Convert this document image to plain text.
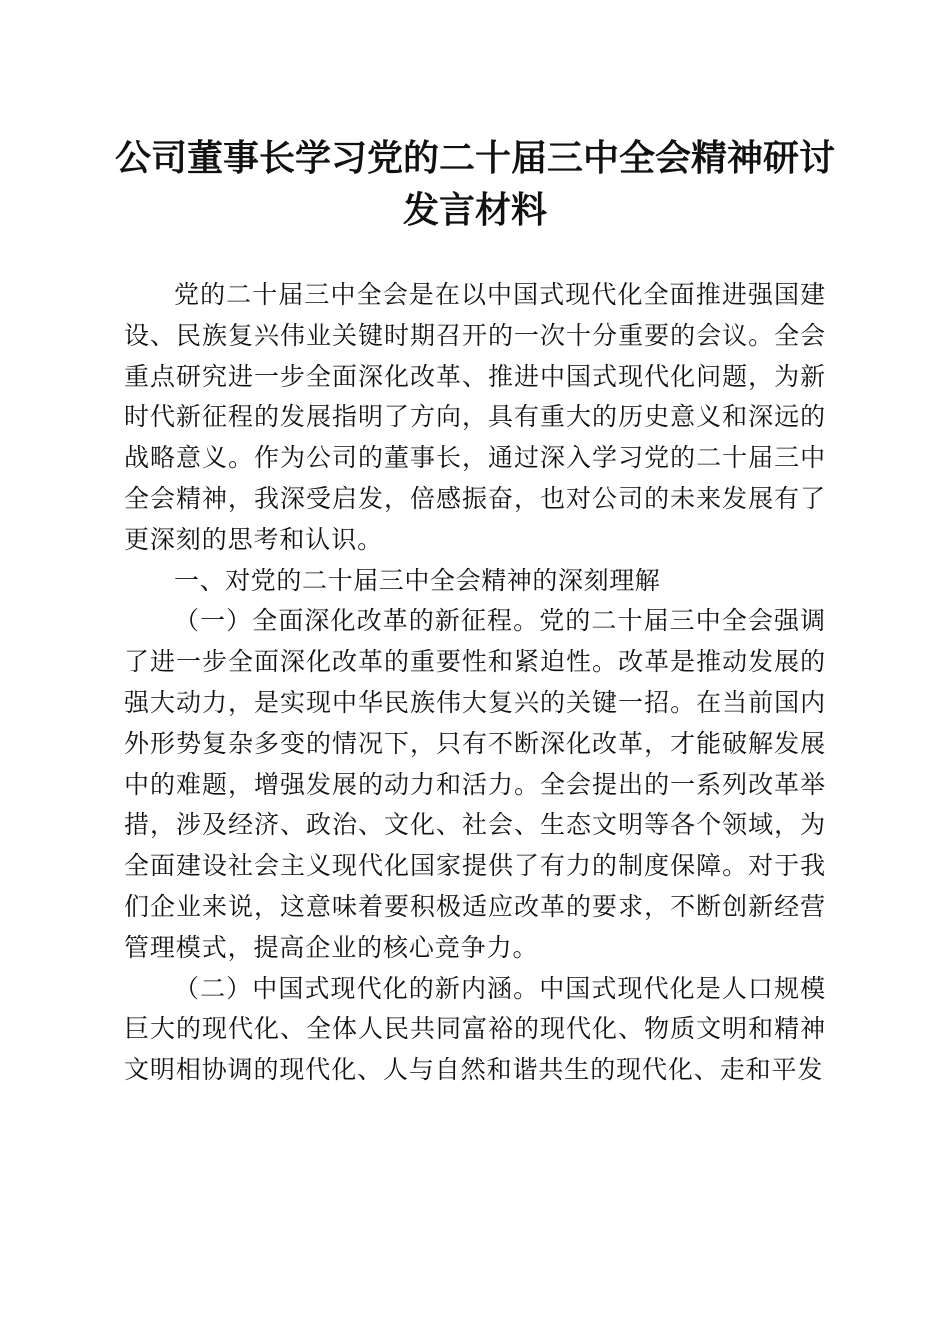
公司董事长学习党的二十届三中全会精神研讨
发言材料

党的二十届三中全会是在以中国式现代化全面推进强国建设、民族复兴伟业关键时期召开的一次十分重要的会议。全会重点研究进一步全面深化改革、推进中国式现代化问题，为新时代新征程的发展指明了方向，具有重大的历史意义和深远的战略意义。作为公司的董事长，通过深入学习党的二十届三中全会精神，我深受启发，倍感振奋，也对公司的未来发展有了更深刻的思考和认识。

一、对党的二十届三中全会精神的深刻理解

（一）全面深化改革的新征程。党的二十届三中全会强调了进一步全面深化改革的重要性和紧迫性。改革是推动发展的强大动力，是实现中华民族伟大复兴的关键一招。在当前国内外形势复杂多变的情况下，只有不断深化改革，才能破解发展中的难题，增强发展的动力和活力。全会提出的一系列改革举措，涉及经济、政治、文化、社会、生态文明等各个领域，为全面建设社会主义现代化国家提供了有力的制度保障。对于我们企业来说，这意味着要积极适应改革的要求，不断创新经营管理模式，提高企业的核心竞争力。

（二）中国式现代化的新内涵。中国式现代化是人口规模巨大的现代化、全体人民共同富裕的现代化、物质文明和精神文明相协调的现代化、人与自然和谐共生的现代化、走和平发
